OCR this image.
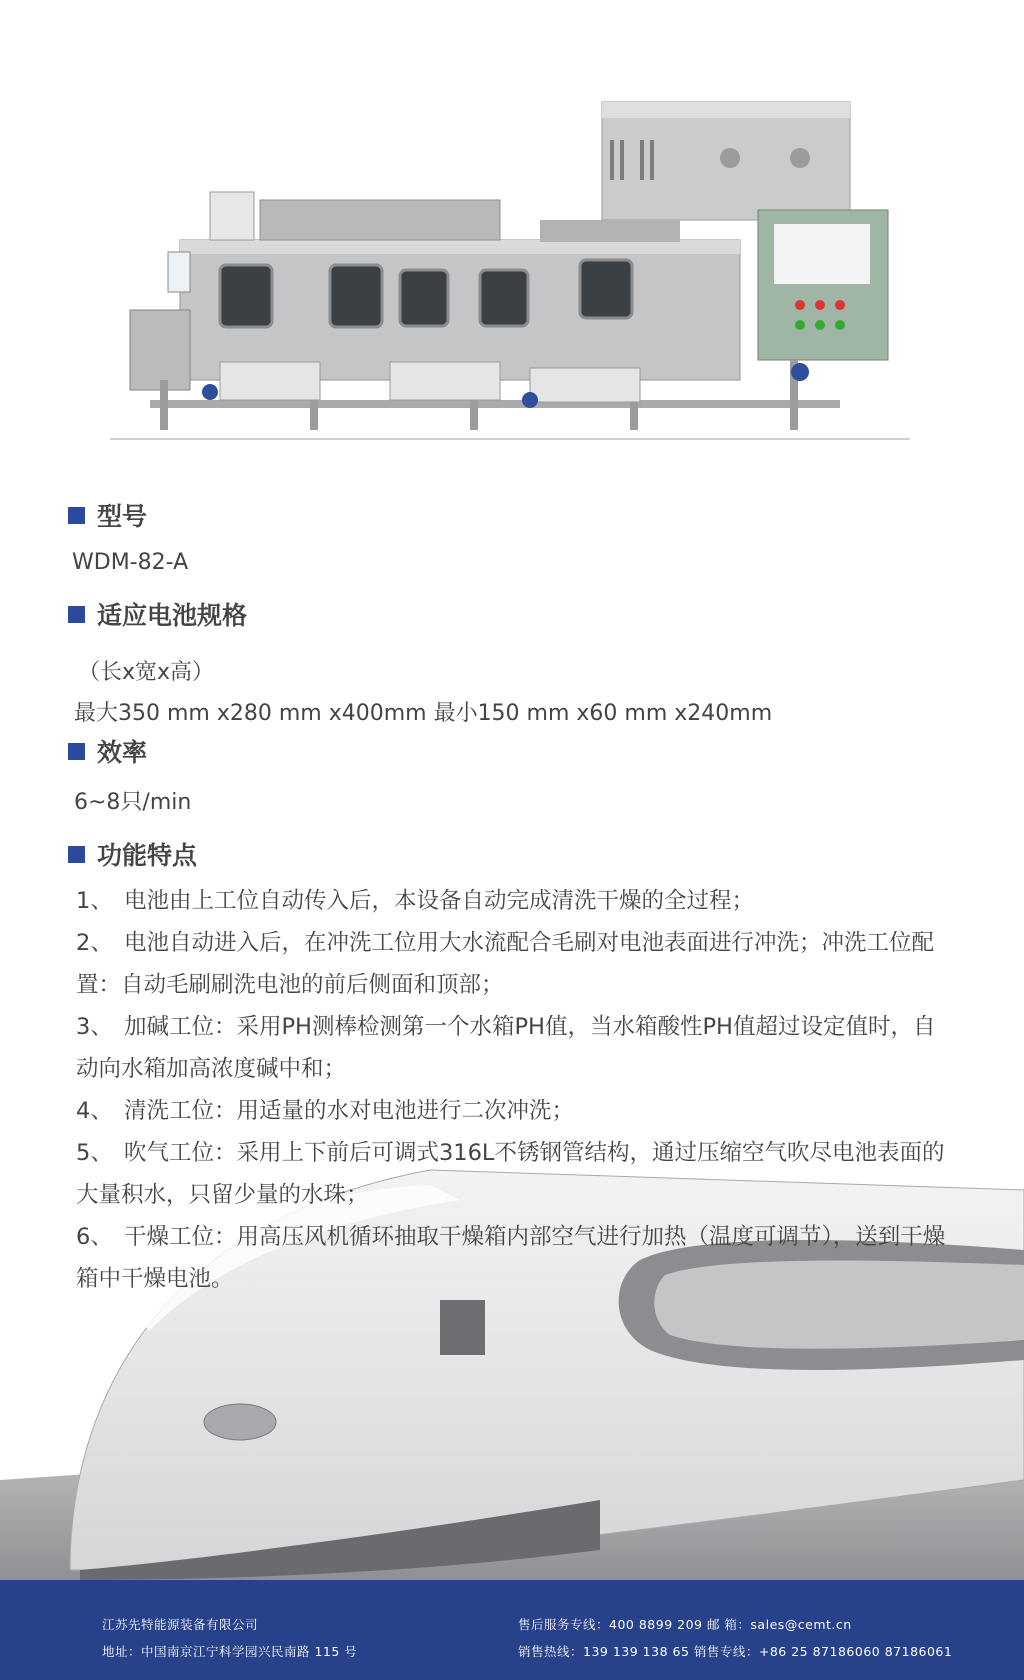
型号
WDM-82-A
适应电池规格
（长x宽x高）
最大350 mm x280 mm x400mm 最小150 mm x60 mm x240mm
效率
6~8只/min
功能特点
1、 电池由上工位自动传入后，本设备自动完成清洗干燥的全过程；
2、 电池自动进入后，在冲洗工位用大水流配合毛刷对电池表面进行冲洗；冲洗工位配置：自动毛刷刷洗电池的前后侧面和顶部；
3、 加碱工位：采用PH测棒检测第一个水箱PH值，当水箱酸性PH值超过设定值时，自动向水箱加高浓度碱中和；
4、 清洗工位：用适量的水对电池进行二次冲洗；
5、 吹气工位：采用上下前后可调式316L不锈钢管结构，通过压缩空气吹尽电池表面的大量积水，只留少量的水珠；
6、 干燥工位：用高压风机循环抽取干燥箱内部空气进行加热（温度可调节），送到干燥箱中干燥电池。
江苏先特能源装备有限公司
地址：中国南京江宁科学园兴民南路 115 号
售后服务专线：400 8899 209 邮 箱：sales@cemt.cn
销售热线：139 139 138 65 销售专线：+86 25 87186060 87186061
